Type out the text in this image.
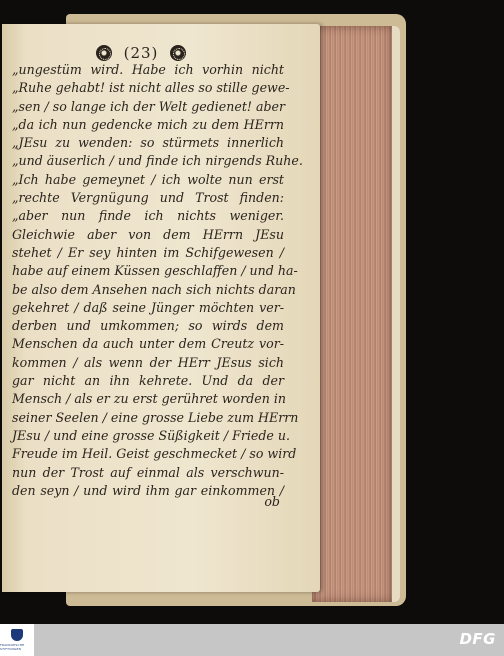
(23)
„ungestüm wird. Habe ich vorhin nicht
„Ruhe gehabt! ist nicht alles so stille gewe-
„sen / so lange ich der Welt gedienet! aber
„da ich nun gedencke mich zu dem HErrn
„JEsu zu wenden: so stürmets innerlich
„und äuserlich / und finde ich nirgends Ruhe.
„Ich habe gemeynet / ich wolte nun erst
„rechte Vergnügung und Trost finden:
„aber nun finde ich nichts weniger.
Gleichwie aber von dem HErrn JEsu
stehet / Er sey hinten im Schifgewesen /
habe auf einem Küssen geschlaffen / und ha-
be also dem Ansehen nach sich nichts daran
gekehret / daß seine Jünger möchten ver-
derben und umkommen; so wirds dem
Menschen da auch unter dem Creutz vor-
kommen / als wenn der HErr JEsus sich
gar nicht an ihn kehrete. Und da der
Mensch / als er zu erst gerühret worden in
seiner Seelen / eine grosse Liebe zum HErrn
JEsu / und eine grosse Süßigkeit / Friede u.
Freude im Heil. Geist geschmecket / so wird
nun der Trost auf einmal als verschwun-
den seyn / und wird ihm gar einkommen /
ob
FRANCKESCHE STIFTUNGEN
DFG
